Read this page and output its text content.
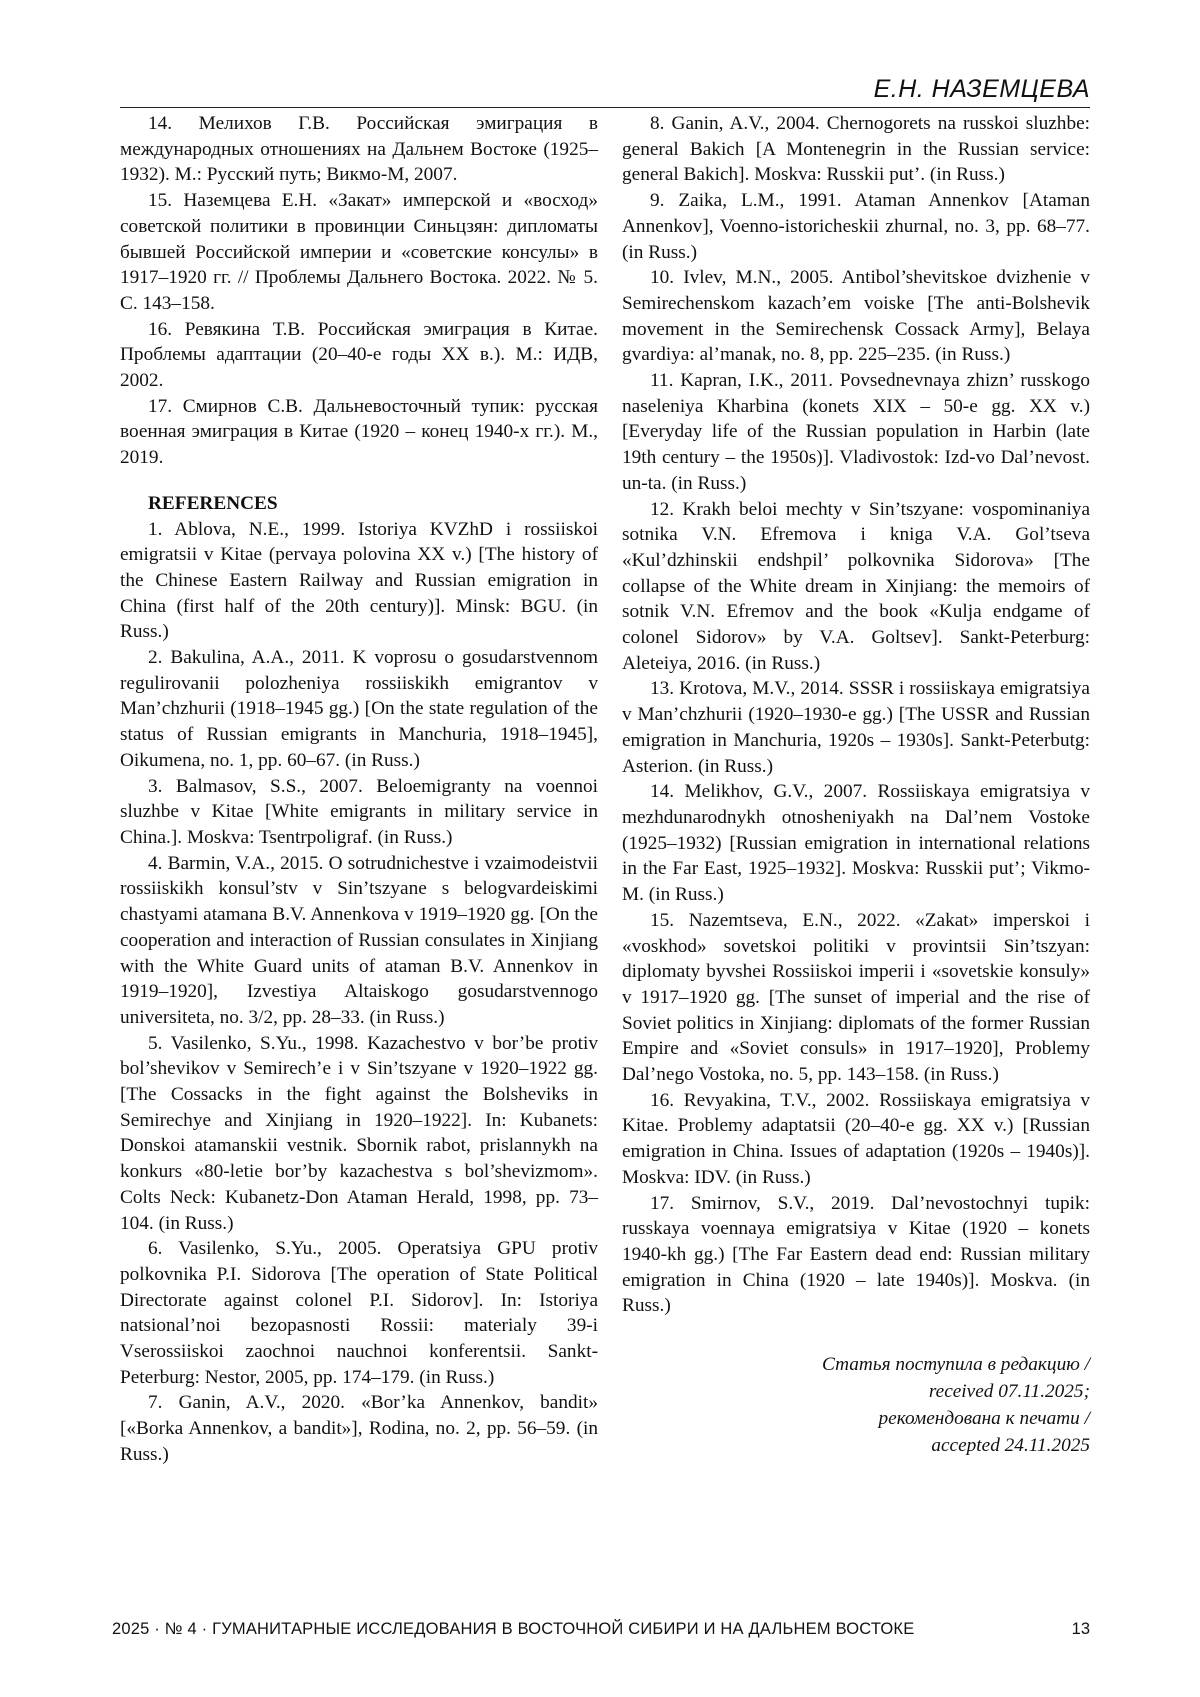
Е.Н. НАЗЕМЦЕВА

14. Мелихов Г.В. Российская эмиграция в международных отношениях на Дальнем Востоке (1925–1932). М.: Русский путь; Викмо-М, 2007.

15. Наземцева Е.Н. «Закат» имперской и «восход» советской политики в провинции Синьцзян: дипломаты бывшей Российской империи и «советские консулы» в 1917–1920 гг. // Проблемы Дальнего Востока. 2022. № 5. С. 143–158.

16. Ревякина Т.В. Российская эмиграция в Китае. Проблемы адаптации (20–40-е годы XX в.). М.: ИДВ, 2002.

17. Смирнов С.В. Дальневосточный тупик: русская военная эмиграция в Китае (1920 – конец 1940-х гг.). М., 2019.

REFERENCES

1. Ablova, N.E., 1999. Istoriya KVZhD i rossiiskoi emigratsii v Kitae (pervaya polovina XX v.) [The history of the Chinese Eastern Railway and Russian emigration in China (first half of the 20th century)]. Minsk: BGU. (in Russ.)

2. Bakulina, A.A., 2011. K voprosu o gosudarstvennom regulirovanii polozheniya rossiiskikh emigrantov v Man’chzhurii (1918–1945 gg.) [On the state regulation of the status of Russian emigrants in Manchuria, 1918–1945], Oikumena, no. 1, pp. 60–67. (in Russ.)

3. Balmasov, S.S., 2007. Beloemigranty na voennoi sluzhbe v Kitae [White emigrants in military service in China.]. Moskva: Tsentrpoligraf. (in Russ.)

4. Barmin, V.A., 2015. O sotrudnichestve i vzaimodeistvii rossiiskikh konsul’stv v Sin’tszyane s belogvardeiskimi chastyami atamana B.V. Annenkova v 1919–1920 gg. [On the cooperation and interaction of Russian consulates in Xinjiang with the White Guard units of ataman B.V. Annenkov in 1919–1920], Izvestiya Altaiskogo gosudarstvennogo universiteta, no. 3/2, pp. 28–33. (in Russ.)

5. Vasilenko, S.Yu., 1998. Kazachestvo v bor’be protiv bol’shevikov v Semirech’e i v Sin’tszyane v 1920–1922 gg. [The Cossacks in the fight against the Bolsheviks in Semirechye and Xinjiang in 1920–1922]. In: Kubanets: Donskoi atamanskii vestnik. Sbornik rabot, prislannykh na konkurs «80-letie bor’by kazachestva s bol’shevizmom». Colts Neck: Kubanetz-Don Ataman Herald, 1998, pp. 73–104. (in Russ.)

6. Vasilenko, S.Yu., 2005. Operatsiya GPU protiv polkovnika P.I. Sidorova [The operation of State Political Directorate against colonel P.I. Sidorov]. In: Istoriya natsional’noi bezopasnosti Rossii: materialy 39-i Vserossiiskoi zaochnoi nauchnoi konferentsii. Sankt-Peterburg: Nestor, 2005, pp. 174–179. (in Russ.)

7. Ganin, A.V., 2020. «Bor’ka Annenkov, bandit» [«Borka Annenkov, a bandit»], Rodina, no. 2, pp. 56–59. (in Russ.)

8. Ganin, A.V., 2004. Chernogorets na russkoi sluzhbe: general Bakich [A Montenegrin in the Russian service: general Bakich]. Moskva: Russkii put’. (in Russ.)

9. Zaika, L.M., 1991. Ataman Annenkov [Ataman Annenkov], Voenno-istoricheskii zhurnal, no. 3, pp. 68–77. (in Russ.)

10. Ivlev, M.N., 2005. Antibol’shevitskoe dvizhenie v Semirechenskom kazach’em voiske [The anti-Bolshevik movement in the Semirechensk Cossack Army], Belaya gvardiya: al’manak, no. 8, pp. 225–235. (in Russ.)

11. Kapran, I.K., 2011. Povsednevnaya zhizn’ russkogo naseleniya Kharbina (konets XIX – 50-e gg. XX v.) [Everyday life of the Russian population in Harbin (late 19th century – the 1950s)]. Vladivostok: Izd-vo Dal’nevost. un-ta. (in Russ.)

12. Krakh beloi mechty v Sin’tszyane: vospominaniya sotnika V.N. Efremova i kniga V.A. Gol’tseva «Kul’dzhinskii endshpil’ polkovnika Sidorova» [The collapse of the White dream in Xinjiang: the memoirs of sotnik V.N. Efremov and the book «Kulja endgame of colonel Sidorov» by V.A. Goltsev]. Sankt-Peterburg: Aleteiya, 2016. (in Russ.)

13. Krotova, M.V., 2014. SSSR i rossiiskaya emigratsiya v Man’chzhurii (1920–1930-e gg.) [The USSR and Russian emigration in Manchuria, 1920s – 1930s]. Sankt-Peterbutg: Asterion. (in Russ.)

14. Melikhov, G.V., 2007. Rossiiskaya emigratsiya v mezhdunarodnykh otnosheniyakh na Dal’nem Vostoke (1925–1932) [Russian emigration in international relations in the Far East, 1925–1932]. Moskva: Russkii put’; Vikmo-M. (in Russ.)

15. Nazemtseva, E.N., 2022. «Zakat» imperskoi i «voskhod» sovetskoi politiki v provintsii Sin’tszyan: diplomaty byvshei Rossiiskoi imperii i «sovetskie konsuly» v 1917–1920 gg. [The sunset of imperial and the rise of Soviet politics in Xinjiang: diplomats of the former Russian Empire and «Soviet consuls» in 1917–1920], Problemy Dal’nego Vostoka, no. 5, pp. 143–158. (in Russ.)

16. Revyakina, T.V., 2002. Rossiiskaya emigratsiya v Kitae. Problemy adaptatsii (20–40-e gg. XX v.) [Russian emigration in China. Issues of adaptation (1920s – 1940s)]. Moskva: IDV. (in Russ.)

17. Smirnov, S.V., 2019. Dal’nevostochnyi tupik: russkaya voennaya emigratsiya v Kitae (1920 – konets 1940-kh gg.) [The Far Eastern dead end: Russian military emigration in China (1920 – late 1940s)]. Moskva. (in Russ.)

Статья поступила в редакцию /
received 07.11.2025;
рекомендована к печати /
accepted 24.11.2025
2025 · № 4 · ГУМАНИТАРНЫЕ ИССЛЕДОВАНИЯ В ВОСТОЧНОЙ СИБИРИ И НА ДАЛЬНЕМ ВОСТОКЕ	13
